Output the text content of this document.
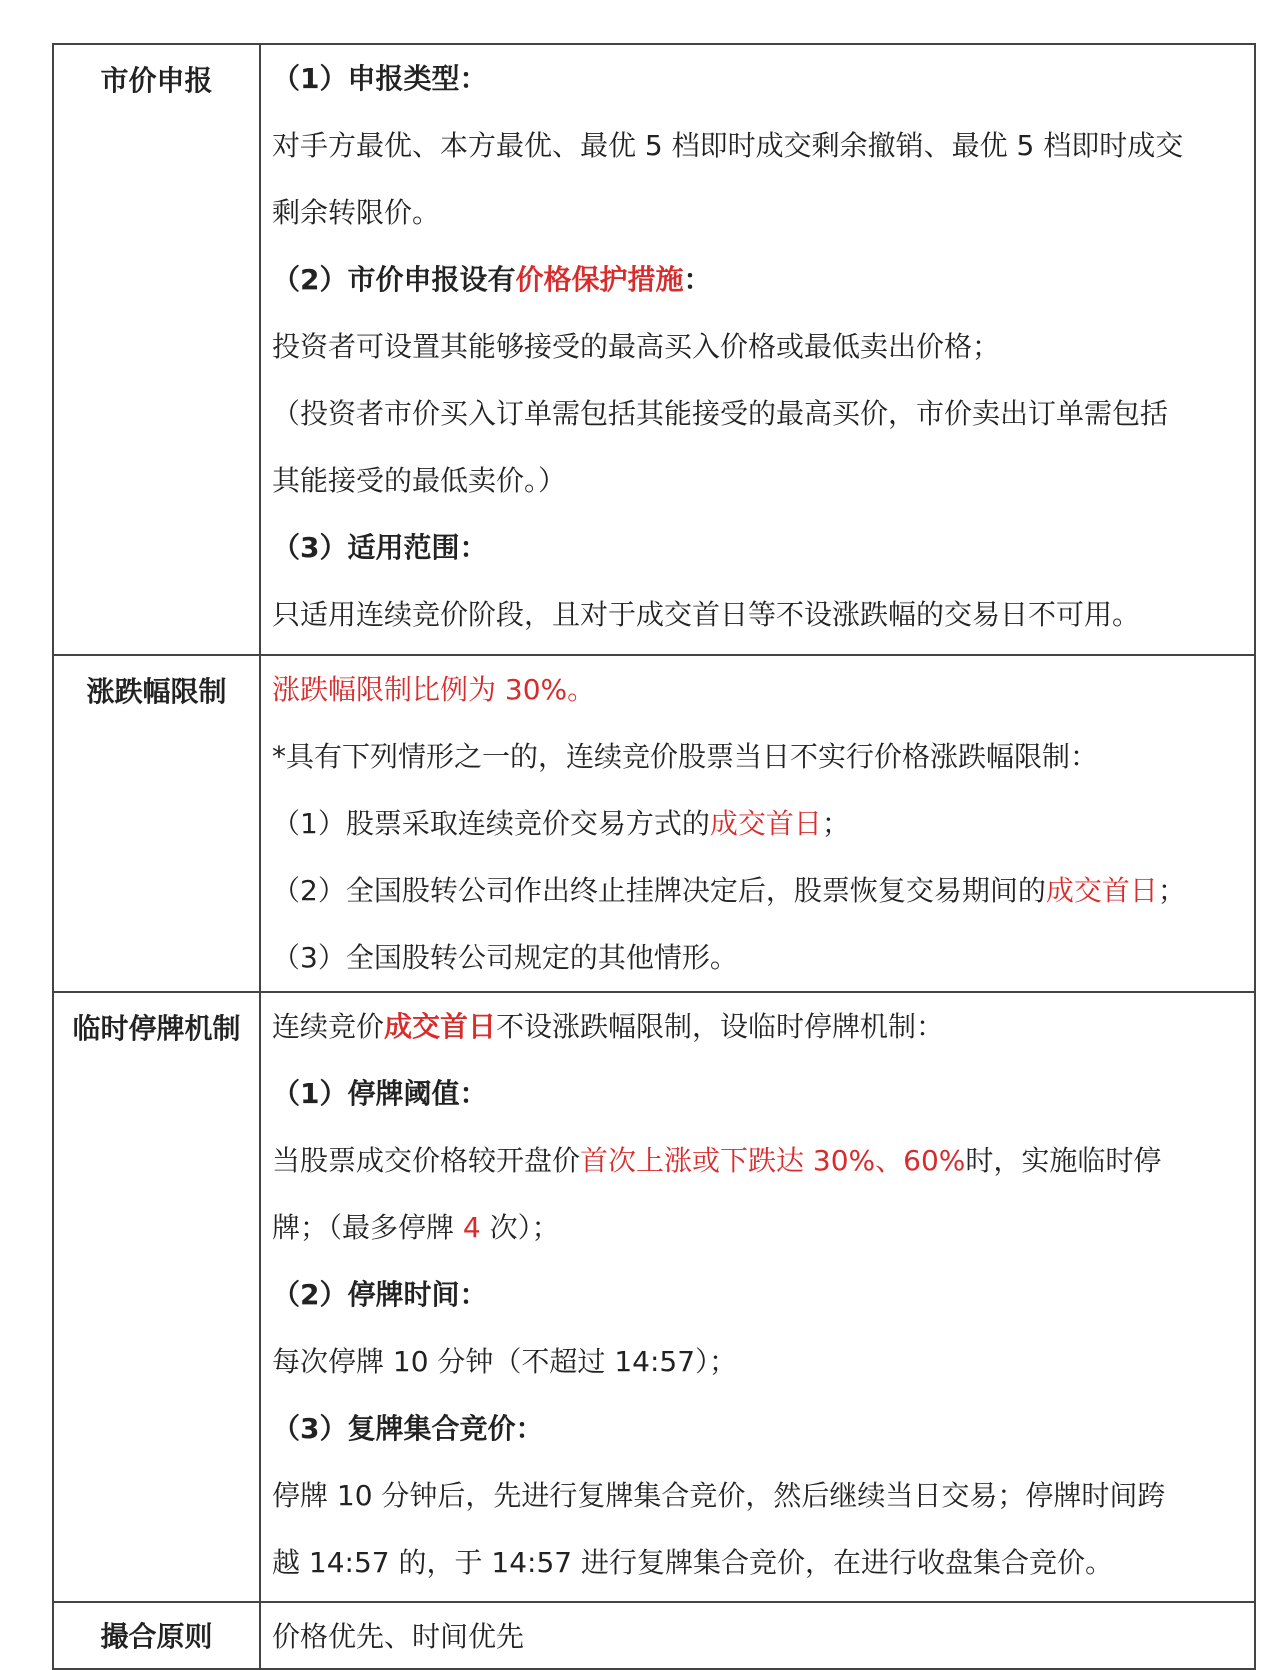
市价申报	（1）申报类型：
对手方最优、本方最优、最优 5 档即时成交剩余撤销、最优 5 档即时成交
剩余转限价。
（2）市价申报设有价格保护措施：
投资者可设置其能够接受的最高买入价格或最低卖出价格；
（投资者市价买入订单需包括其能接受的最高买价，市价卖出订单需包括
其能接受的最低卖价。）
（3）适用范围：
只适用连续竞价阶段，且对于成交首日等不设涨跌幅的交易日不可用。
涨跌幅限制	涨跌幅限制比例为 30%。
*具有下列情形之一的，连续竞价股票当日不实行价格涨跌幅限制：
（1）股票采取连续竞价交易方式的成交首日；
（2）全国股转公司作出终止挂牌决定后，股票恢复交易期间的成交首日；
（3）全国股转公司规定的其他情形。
临时停牌机制	连续竞价成交首日不设涨跌幅限制，设临时停牌机制：
（1）停牌阈值：
当股票成交价格较开盘价首次上涨或下跌达 30%、60%时，实施临时停
牌；（最多停牌 4 次）；
（2）停牌时间：
每次停牌 10 分钟（不超过 14:57）；
（3）复牌集合竞价：
停牌 10 分钟后，先进行复牌集合竞价，然后继续当日交易；停牌时间跨
越 14:57 的，于 14:57 进行复牌集合竞价，在进行收盘集合竞价。
撮合原则	价格优先、时间优先
